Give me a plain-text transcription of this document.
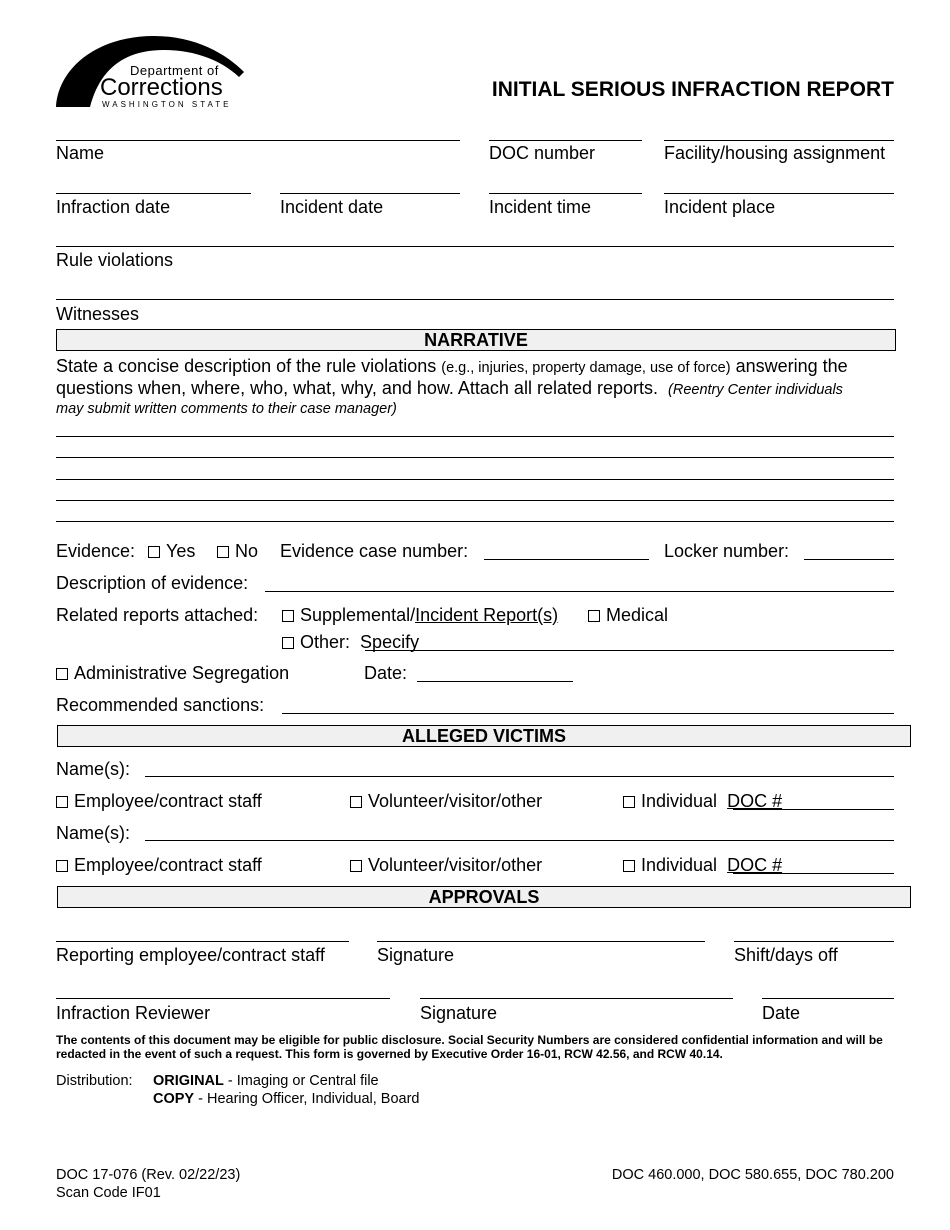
Department of
Corrections
WASHINGTON STATE
INITIAL SERIOUS INFRACTION REPORT
Name	DOC number	Facility/housing assignment
Infraction date	Incident date	Incident time	Incident place
Rule violations
Witnesses
NARRATIVE
State a concise description of the rule violations (e.g., injuries, property damage, use of force) answering the
questions when, where, who, what, why, and how. Attach all related reports. (Reentry Center individuals
may submit written comments to their case manager)
Evidence:	Yes	No Evidence case number:	Locker number:
Description of evidence:
Related reports attached:	Supplemental/Incident Report(s)	Medical
Other: Specify
Administrative Segregation	Date:
Recommended sanctions:
ALLEGED VICTIMS
Name(s):
Employee/contract staff	Volunteer/visitor/other	Individual DOC #
Name(s):
Employee/contract staff	Volunteer/visitor/other	Individual DOC #
APPROVALS
Reporting employee/contract staff	Signature	Shift/days off
Infraction Reviewer	Signature	Date
The contents of this document may be eligible for public disclosure. Social Security Numbers are considered confidential information and will be redacted in the event of such a request. This form is governed by Executive Order 16-01, RCW 42.56, and RCW 40.14.
Distribution: ORIGINAL - Imaging or Central file
COPY - Hearing Officer, Individual, Board
DOC 17-076 (Rev. 02/22/23)
Scan Code IF01
DOC 460.000, DOC 580.655, DOC 780.200
